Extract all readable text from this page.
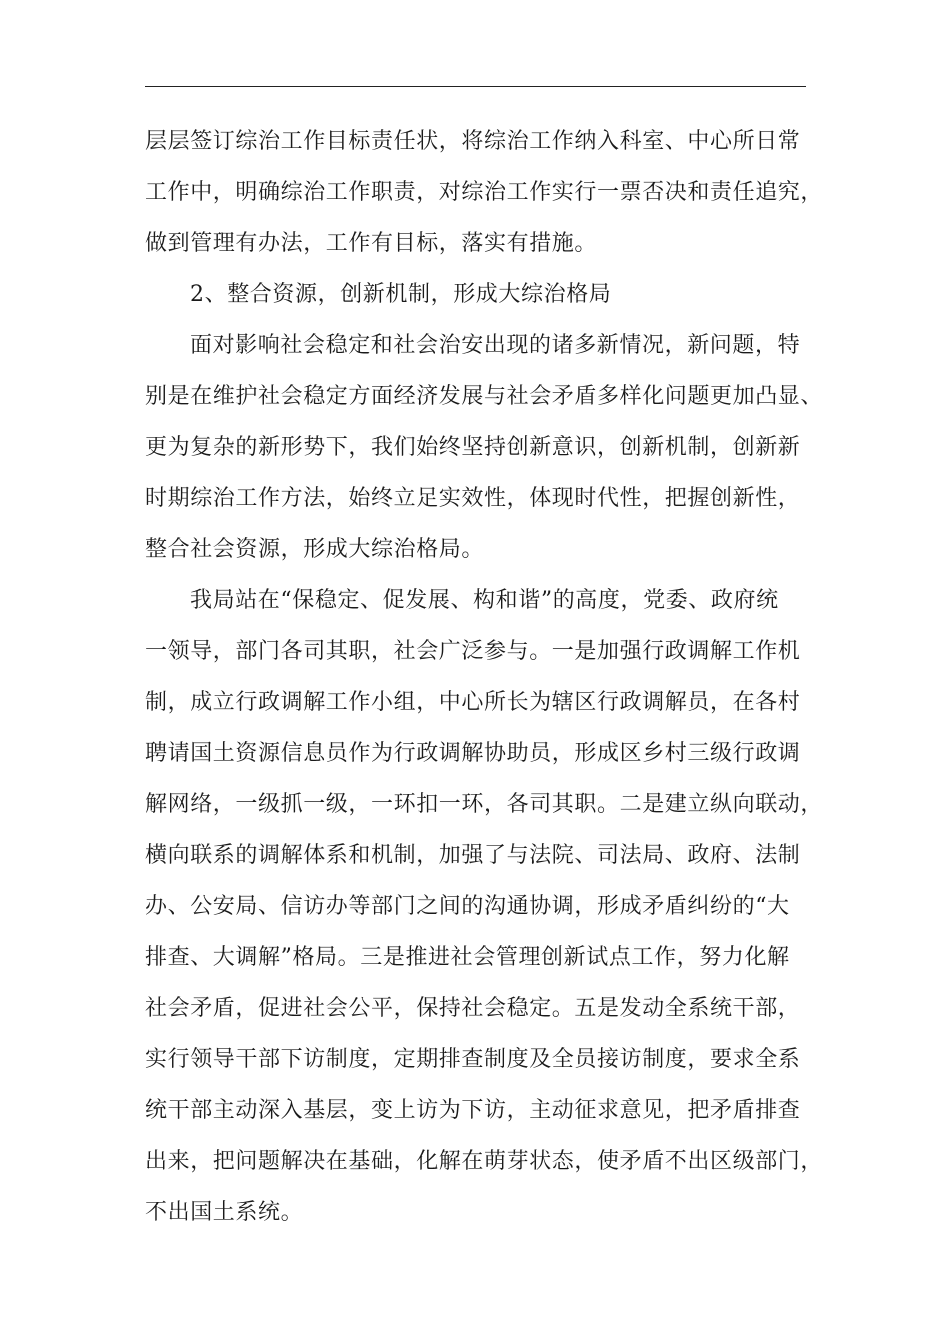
层层签订综治工作目标责任状，将综治工作纳入科室、中心所日常
工作中，明确综治工作职责，对综治工作实行一票否决和责任追究，
做到管理有办法，工作有目标，落实有措施。
2、整合资源，创新机制，形成大综治格局
面对影响社会稳定和社会治安出现的诸多新情况，新问题，特
别是在维护社会稳定方面经济发展与社会矛盾多样化问题更加凸显、
更为复杂的新形势下，我们始终坚持创新意识，创新机制，创新新
时期综治工作方法，始终立足实效性，体现时代性，把握创新性，
整合社会资源，形成大综治格局。
我局站在“保稳定、促发展、构和谐”的高度，党委、政府统
一领导，部门各司其职，社会广泛参与。一是加强行政调解工作机
制，成立行政调解工作小组，中心所长为辖区行政调解员，在各村
聘请国土资源信息员作为行政调解协助员，形成区乡村三级行政调
解网络，一级抓一级，一环扣一环，各司其职。二是建立纵向联动，
横向联系的调解体系和机制，加强了与法院、司法局、政府、法制
办、公安局、信访办等部门之间的沟通协调，形成矛盾纠纷的“大
排查、大调解”格局。三是推进社会管理创新试点工作，努力化解
社会矛盾，促进社会公平，保持社会稳定。五是发动全系统干部，
实行领导干部下访制度，定期排查制度及全员接访制度，要求全系
统干部主动深入基层，变上访为下访，主动征求意见，把矛盾排查
出来，把问题解决在基础，化解在萌芽状态，使矛盾不出区级部门，
不出国土系统。
